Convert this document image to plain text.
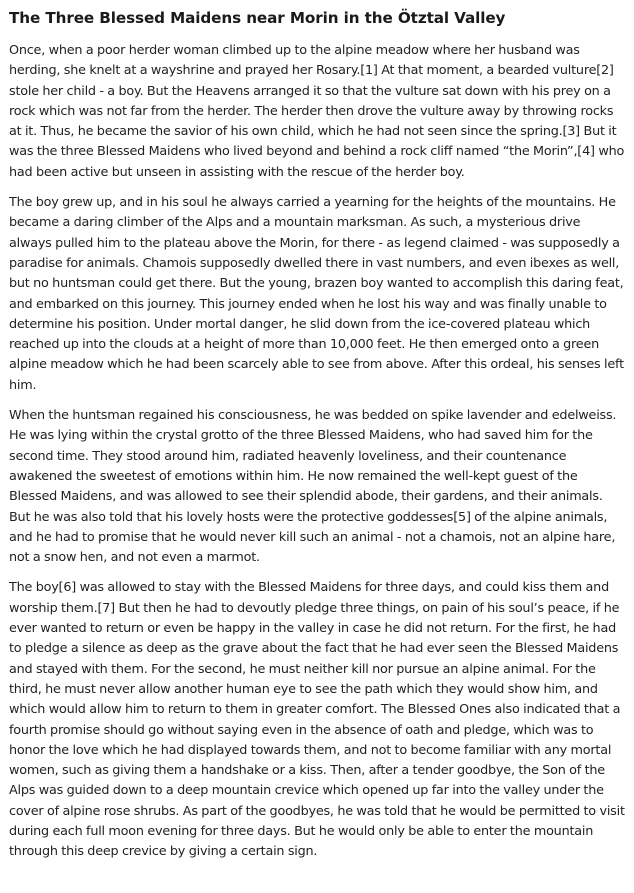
The Three Blessed Maidens near Morin in the Ötztal Valley

Once, when a poor herder woman climbed up to the alpine meadow where her husband was herding, she knelt at a wayshrine and prayed her Rosary.[1] At that moment, a bearded vulture[2] stole her child - a boy. But the Heavens arranged it so that the vulture sat down with his prey on a rock which was not far from the herder. The herder then drove the vulture away by throwing rocks at it. Thus, he became the savior of his own child, which he had not seen since the spring.[3] But it was the three Blessed Maidens who lived beyond and behind a rock cliff named “the Morin”,[4] who had been active but unseen in assisting with the rescue of the herder boy.

The boy grew up, and in his soul he always carried a yearning for the heights of the mountains. He became a daring climber of the Alps and a mountain marksman. As such, a mysterious drive always pulled him to the plateau above the Morin, for there - as legend claimed - was supposedly a paradise for animals. Chamois supposedly dwelled there in vast numbers, and even ibexes as well, but no huntsman could get there. But the young, brazen boy wanted to accomplish this daring feat, and embarked on this journey. This journey ended when he lost his way and was finally unable to determine his position. Under mortal danger, he slid down from the ice-covered plateau which reached up into the clouds at a height of more than 10,000 feet. He then emerged onto a green alpine meadow which he had been scarcely able to see from above. After this ordeal, his senses left him.

When the huntsman regained his consciousness, he was bedded on spike lavender and edelweiss. He was lying within the crystal grotto of the three Blessed Maidens, who had saved him for the second time. They stood around him, radiated heavenly loveliness, and their countenance awakened the sweetest of emotions within him. He now remained the well-kept guest of the Blessed Maidens, and was allowed to see their splendid abode, their gardens, and their animals. But he was also told that his lovely hosts were the protective goddesses[5] of the alpine animals, and he had to promise that he would never kill such an animal - not a chamois, not an alpine hare, not a snow hen, and not even a marmot.

The boy[6] was allowed to stay with the Blessed Maidens for three days, and could kiss them and worship them.[7] But then he had to devoutly pledge three things, on pain of his soul’s peace, if he ever wanted to return or even be happy in the valley in case he did not return. For the first, he had to pledge a silence as deep as the grave about the fact that he had ever seen the Blessed Maidens and stayed with them. For the second, he must neither kill nor pursue an alpine animal. For the third, he must never allow another human eye to see the path which they would show him, and which would allow him to return to them in greater comfort. The Blessed Ones also indicated that a fourth promise should go without saying even in the absence of oath and pledge, which was to honor the love which he had displayed towards them, and not to become familiar with any mortal women, such as giving them a handshake or a kiss. Then, after a tender goodbye, the Son of the Alps was guided down to a deep mountain crevice which opened up far into the valley under the cover of alpine rose shrubs. As part of the goodbyes, he was told that he would be permitted to visit during each full moon evening for three days. But he would only be able to enter the mountain through this deep crevice by giving a certain sign.
